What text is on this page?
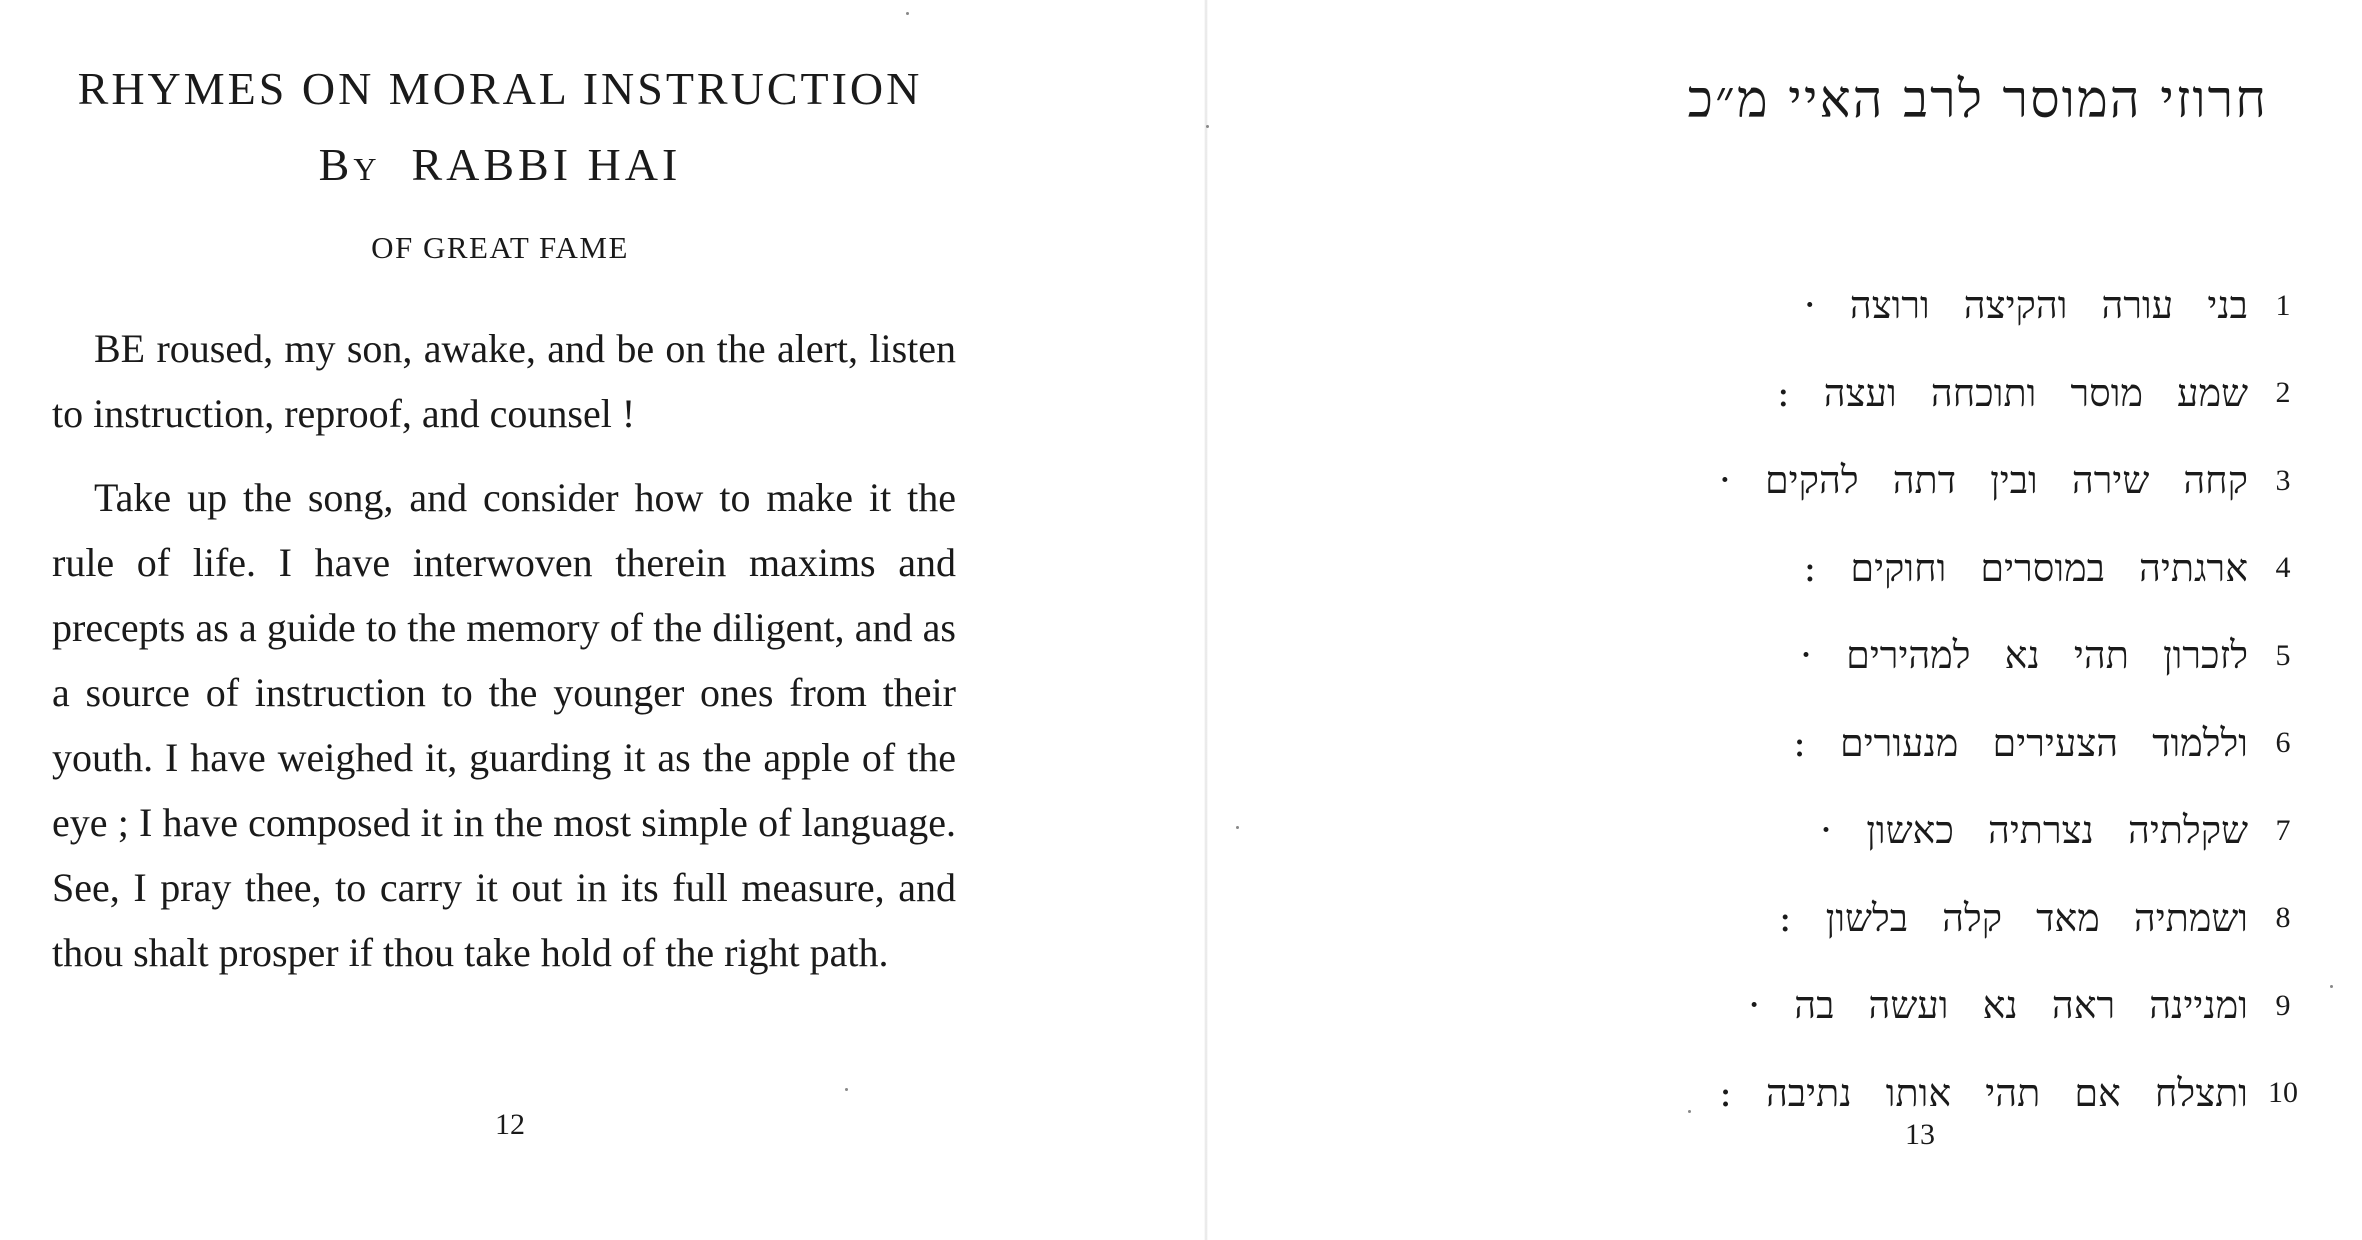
RHYMES ON MORAL INSTRUCTION
BY RABBI HAI
OF GREAT FAME

BE roused, my son, awake, and be on the alert, listen to instruction, reproof, and counsel !

Take up the song, and consider how to make it the rule of life. I have interwoven therein maxims and precepts as a guide to the memory of the diligent, and as a source of instruction to the younger ones from their youth. I have weighed it, guarding it as the apple of the eye ; I have composed it in the most simple of language. See, I pray thee, to carry it out in its full measure, and thou shalt prosper if thou take hold of the right path.

12
חרוזי המוסר לרב האיי מ״כ
1
בני עורה והקיצה ורוצה ·
2
שמע מוסר ותוכחה ועצה :
3
קחה שירה ובין דתה להקים ·
4
ארגתיה במוסרים וחוקים :
5
לזכרון תהי נא למהירים ·
6
וללמוד הצעירים מנעורים :
7
שקלתיה נצרתיה כאשון ·
8
ושמתיה מאד קלה בלשון :
9
ומניינה ראה נא ועשה בה ·
10
ותצלח אם תהי אותו נתיבה :
13
